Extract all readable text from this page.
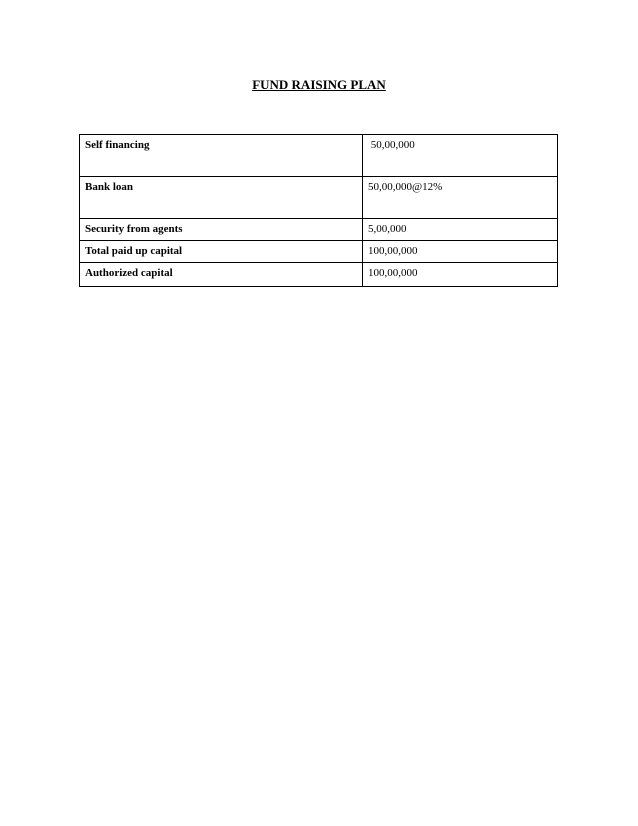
FUND RAISING PLAN
Self financing	50,00,000
Bank loan	50,00,000@12%
Security from agents	5,00,000
Total paid up capital	100,00,000
Authorized capital	100,00,000
